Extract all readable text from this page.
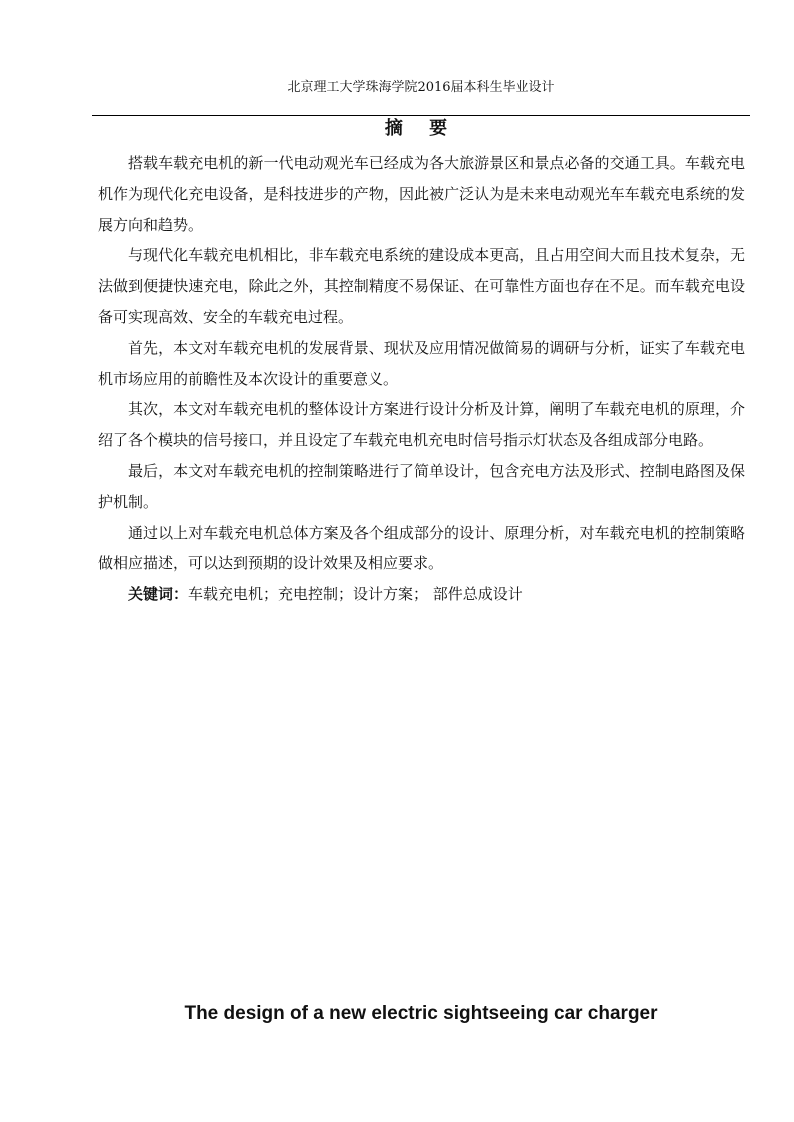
北京理工大学珠海学院2016届本科生毕业设计
摘 要

搭载车载充电机的新一代电动观光车已经成为各大旅游景区和景点必备的交通工具。车载充电机作为现代化充电设备，是科技进步的产物，因此被广泛认为是未来电动观光车车载充电系统的发展方向和趋势。

与现代化车载充电机相比，非车载充电系统的建设成本更高，且占用空间大而且技术复杂，无法做到便捷快速充电，除此之外，其控制精度不易保证、在可靠性方面也存在不足。而车载充电设备可实现高效、安全的车载充电过程。

首先，本文对车载充电机的发展背景、现状及应用情况做简易的调研与分析，证实了车载充电机市场应用的前瞻性及本次设计的重要意义。

其次，本文对车载充电机的整体设计方案进行设计分析及计算，阐明了车载充电机的原理，介绍了各个模块的信号接口，并且设定了车载充电机充电时信号指示灯状态及各组成部分电路。

最后，本文对车载充电机的控制策略进行了简单设计，包含充电方法及形式、控制电路图及保护机制。

通过以上对车载充电机总体方案及各个组成部分的设计、原理分析，对车载充电机的控制策略做相应描述，可以达到预期的设计效果及相应要求。

关键词：车载充电机；充电控制；设计方案； 部件总成设计

The design of a new electric sightseeing car charger
